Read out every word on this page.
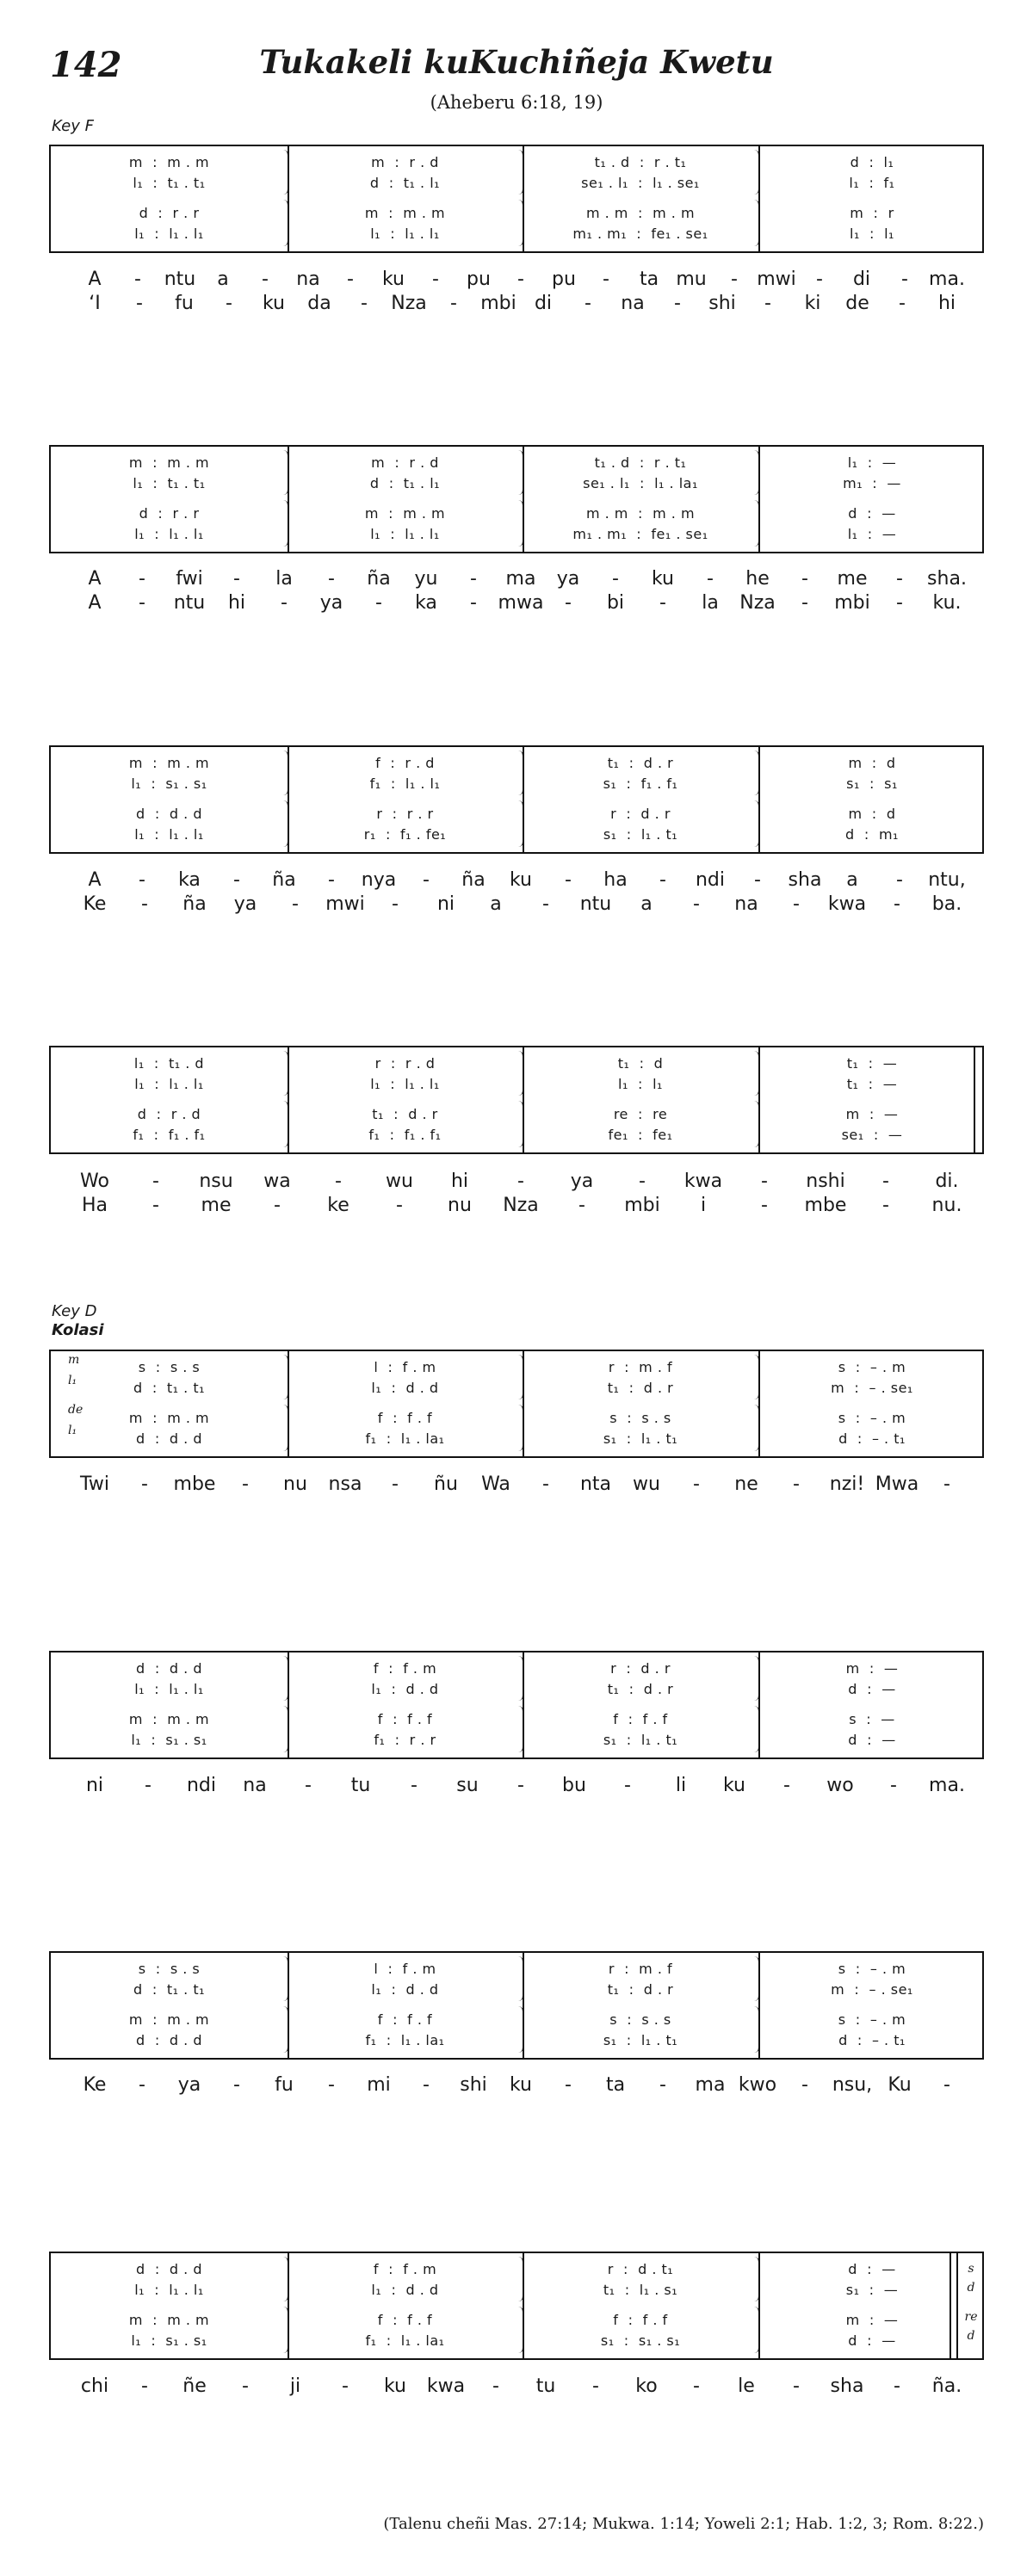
142	Tukakeli kuKuchiñeja Kwetu
(Aheberu 6:18, 19)
Key F
Key D
Kolasi
m  :  m . m	m  :  r . d	t₁ . d  :  r . t₁	d  :  l₁
l₁  :  t₁ . t₁	d  :  t₁ . l₁	se₁ . l₁  :  l₁ . se₁	l₁  :  f₁
d  :  r . r	m  :  m . m	m . m  :  m . m	m  :  r
l₁  :  l₁ . l₁	l₁  :  l₁ . l₁	m₁ . m₁  :  fe₁ . se₁	l₁  :  l₁
A - ntu a - na - ku - pu - pu - ta mu - mwi - di - ma.
‘I - fu - ku da - Nza - mbi di - na - shi - ki de - hi
m  :  m . m	m  :  r . d	t₁ . d  :  r . t₁	l₁  :  —
l₁  :  t₁ . t₁	d  :  t₁ . l₁	se₁ . l₁  :  l₁ . la₁	m₁  :  —
d  :  r . r	m  :  m . m	m . m  :  m . m	d  :  —
l₁  :  l₁ . l₁	l₁  :  l₁ . l₁	m₁ . m₁  :  fe₁ . se₁	l₁  :  —
A - fwi - la - ña yu - ma ya - ku - he - me - sha.
A - ntu hi - ya - ka - mwa - bi - la Nza - mbi - ku.
m  :  m . m	f  :  r . d	t₁  :  d . r	m  :  d
l₁  :  s₁ . s₁	f₁  :  l₁ . l₁	s₁  :  f₁ . f₁	s₁  :  s₁
d  :  d . d	r  :  r . r	r  :  d . r	m  :  d
l₁  :  l₁ . l₁	r₁  :  f₁ . fe₁	s₁  :  l₁ . t₁	d  :  m₁
A - ka - ña - nya - ña ku - ha - ndi - sha a - ntu,
Ke - ña ya - mwi - ni a - ntu a - na - kwa - ba.
l₁  :  t₁ . d	r  :  r . d	t₁  :  d	t₁  :  —
l₁  :  l₁ . l₁	l₁  :  l₁ . l₁	l₁  :  l₁	t₁  :  —
d  :  r . d	t₁  :  d . r	re  :  re	m  :  —
f₁  :  f₁ . f₁	f₁  :  f₁ . f₁	fe₁  :  fe₁	se₁  :  —
Wo - nsu wa - wu hi	- ya - kwa - nshi - di.
Ha - me - ke - nu Nza - mbi i	- mbe - nu.
s  :  s . s	l  :  f . m	r  :  m . f	s  :  – . m
d  :  t₁ . t₁	l₁  :  d . d	t₁  :  d . r	m  :  – . se₁
m  :  m . m	f  :  f . f	s  :  s . s	s  :  – . m
d  :  d . d	f₁  :  l₁ . la₁	s₁  :  l₁ . t₁	d  :  – . t₁
m
l₁
de
l₁
Twi - mbe - nu nsa - ñu Wa - nta wu - ne - nzi! Mwa -
d  :  d . d	f  :  f . m	r  :  d . r	m  :  —
l₁  :  l₁ . l₁	l₁  :  d . d	t₁  :  d . r	d  :  —
m  :  m . m	f  :  f . f	f  :  f . f	s  :  —
l₁  :  s₁ . s₁	f₁  :  r . r	s₁  :  l₁ . t₁	d  :  —
ni - ndi na - tu - su - bu - li ku - wo - ma.
s  :  s . s	l  :  f . m	r  :  m . f	s  :  – . m
d  :  t₁ . t₁	l₁  :  d . d	t₁  :  d . r	m  :  – . se₁
m  :  m . m	f  :  f . f	s  :  s . s	s  :  – . m
d  :  d . d	f₁  :  l₁ . la₁	s₁  :  l₁ . t₁	d  :  – . t₁
Ke - ya - fu - mi - shi ku - ta - ma kwo - nsu, Ku -
s
d
re
d
d  :  d . d	f  :  f . m	r  :  d . t₁	d  :  —
l₁  :  l₁ . l₁	l₁  :  d . d	t₁  :  l₁ . s₁	s₁  :  —
m  :  m . m	f  :  f . f	f  :  f . f	m  :  —
l₁  :  s₁ . s₁	f₁  :  l₁ . la₁	s₁  :  s₁ . s₁	d  :  —
chi - ñe - ji - ku kwa - tu - ko - le - sha - ña.
(Talenu cheñi Mas. 27:14; Mukwa. 1:14; Yoweli 2:1; Hab. 1:2, 3; Rom. 8:22.)
